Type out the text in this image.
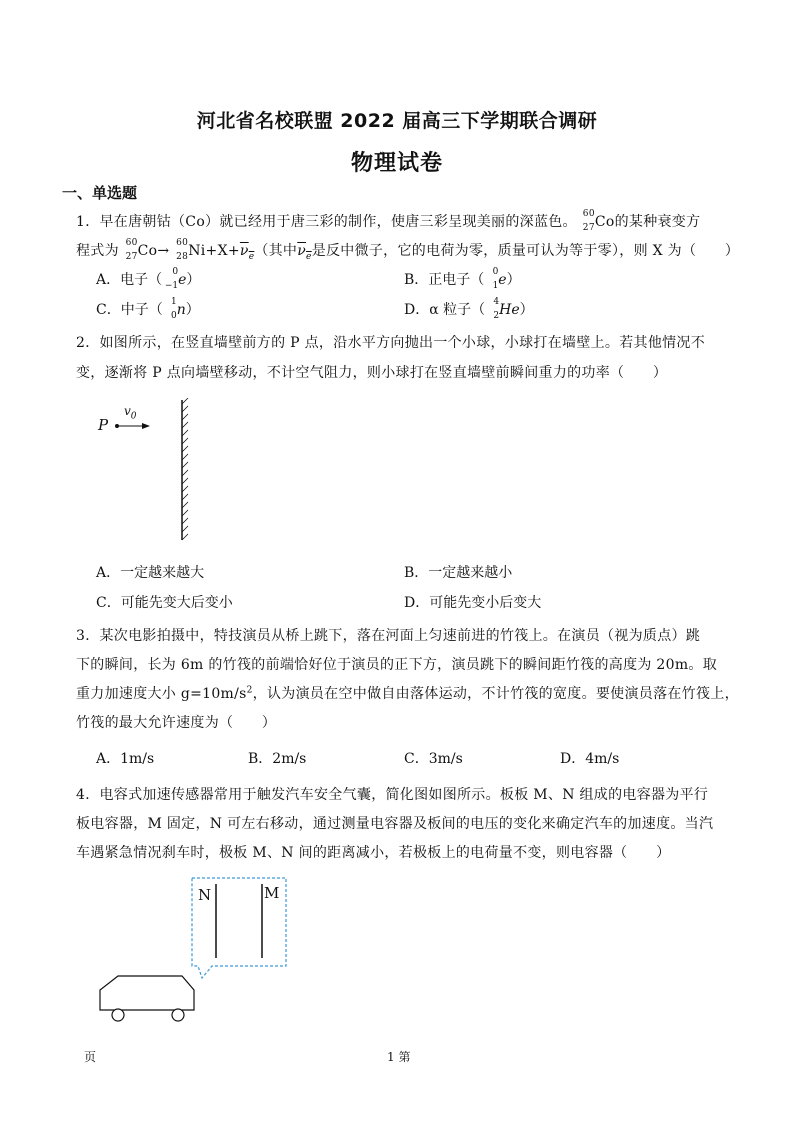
河北省名校联盟 2022 届高三下学期联合调研
物理试卷
一、单选题
1．早在唐朝钴（Co）就已经用于唐三彩的制作，使唐三彩呈现美丽的深蓝色。 60
27 Co的某种衰变方
程式为 60
27 Co→ 60
28 $Ni+X+\nu_e$（其中$\nu_e$是反中微子，它的电荷为零，质量可认为等于零），则 X 为（　　）
A．电子（ 0
−1 e）	B．正电子（ 0
1 e）
C．中子（ 1
0 n）	D．α 粒子（ 4
2 He）
2．如图所示，在竖直墙壁前方的 P 点，沿水平方向抛出一个小球，小球打在墙壁上。若其他情况不
变，逐渐将 P 点向墙壁移动，不计空气阻力，则小球打在竖直墙壁前瞬间重力的功率（　　）
P
$v_0$
A．一定越来越大	B．一定越来越小
C．可能先变大后变小	D．可能先变小后变大
3．某次电影拍摄中，特技演员从桥上跳下，落在河面上匀速前进的竹筏上。在演员（视为质点）跳
下的瞬间，长为 6m 的竹筏的前端恰好位于演员的正下方，演员跳下的瞬间距竹筏的高度为 20m。取
重力加速度大小 $g=10m/s^2$，认为演员在空中做自由落体运动，不计竹筏的宽度。要使演员落在竹筏上，
竹筏的最大允许速度为（　　）
A．1m/s	B．2m/s	C．3m/s	D．4m/s
4．电容式加速传感器常用于触发汽车安全气囊，简化图如图所示。板板 M、N 组成的电容器为平行
板电容器，M 固定，N 可左右移动，通过测量电容器及板间的电压的变化来确定汽车的加速度。当汽
车遇紧急情况刹车时，极板 M、N 间的距离减小，若极板上的电荷量不变，则电容器（　　）
N	M
页	1 第
